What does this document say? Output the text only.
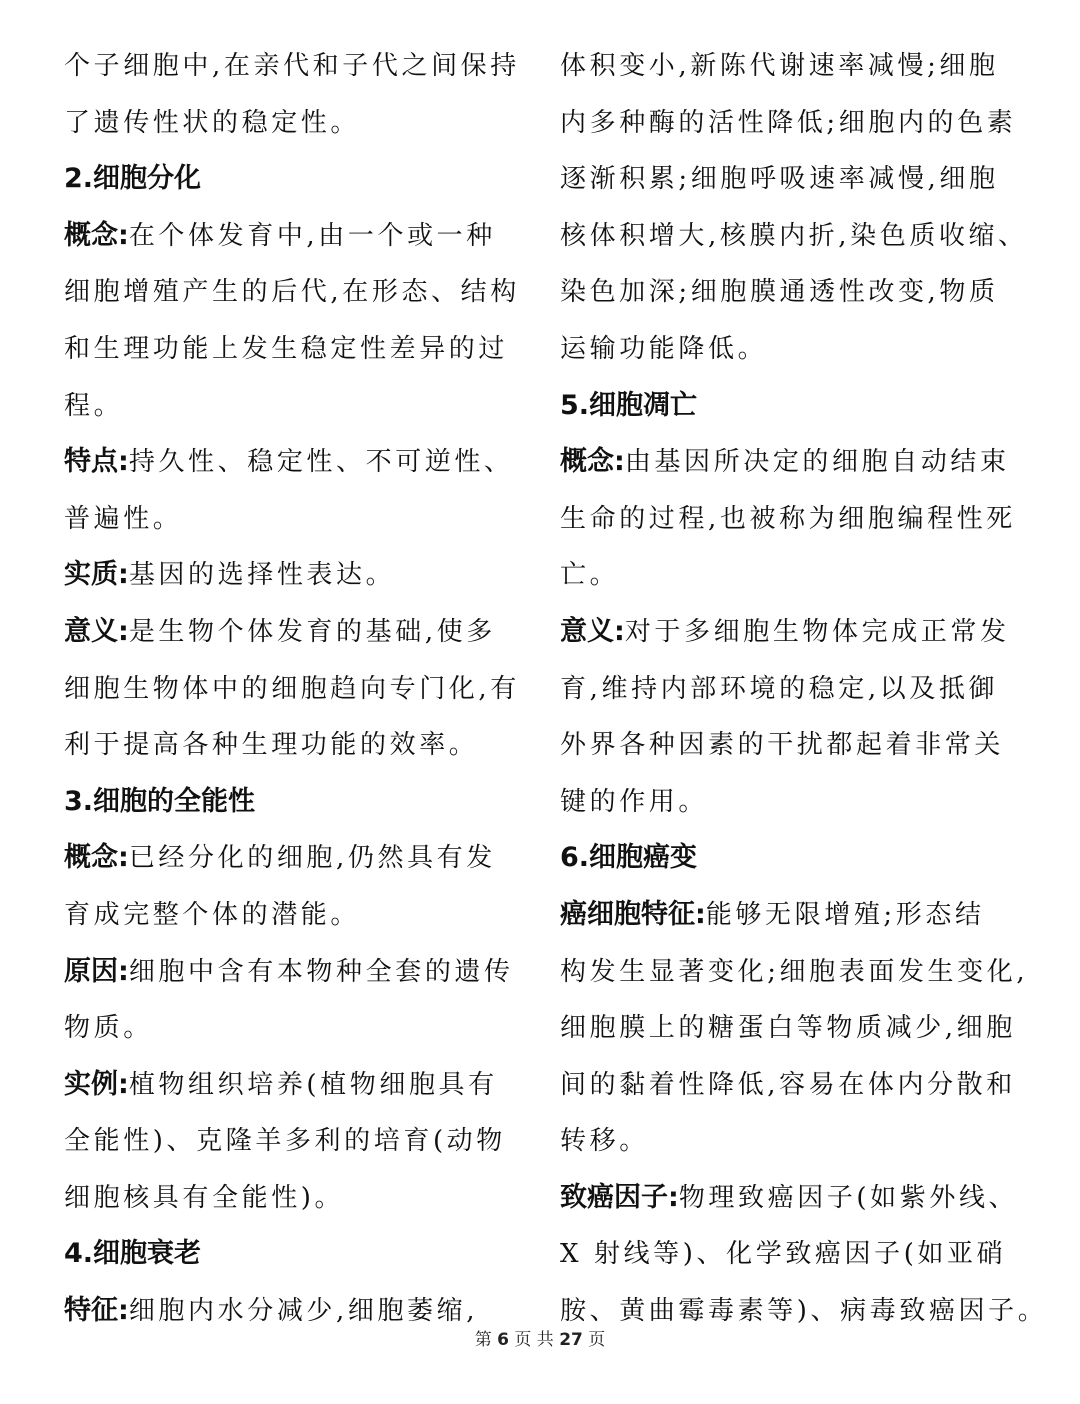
个子细胞中,在亲代和子代之间保持
了遗传性状的稳定性。
2.细胞分化
概念:在个体发育中,由一个或一种
细胞增殖产生的后代,在形态、结构
和生理功能上发生稳定性差异的过
程。
特点:持久性、稳定性、不可逆性、
普遍性。
实质:基因的选择性表达。
意义:是生物个体发育的基础,使多
细胞生物体中的细胞趋向专门化,有
利于提高各种生理功能的效率。
3.细胞的全能性
概念:已经分化的细胞,仍然具有发
育成完整个体的潜能。
原因:细胞中含有本物种全套的遗传
物质。
实例:植物组织培养(植物细胞具有
全能性)、克隆羊多利的培育(动物
细胞核具有全能性)。
4.细胞衰老
特征:细胞内水分减少,细胞萎缩,
体积变小,新陈代谢速率减慢;细胞
内多种酶的活性降低;细胞内的色素
逐渐积累;细胞呼吸速率减慢,细胞
核体积增大,核膜内折,染色质收缩、
染色加深;细胞膜通透性改变,物质
运输功能降低。
5.细胞凋亡
概念:由基因所决定的细胞自动结束
生命的过程,也被称为细胞编程性死
亡。
意义:对于多细胞生物体完成正常发
育,维持内部环境的稳定,以及抵御
外界各种因素的干扰都起着非常关
键的作用。
6.细胞癌变
癌细胞特征:能够无限增殖;形态结
构发生显著变化;细胞表面发生变化,
细胞膜上的糖蛋白等物质减少,细胞
间的黏着性降低,容易在体内分散和
转移。
致癌因子:物理致癌因子(如紫外线、
X 射线等)、化学致癌因子(如亚硝
胺、黄曲霉毒素等)、病毒致癌因子。
第 6 页 共 27 页
